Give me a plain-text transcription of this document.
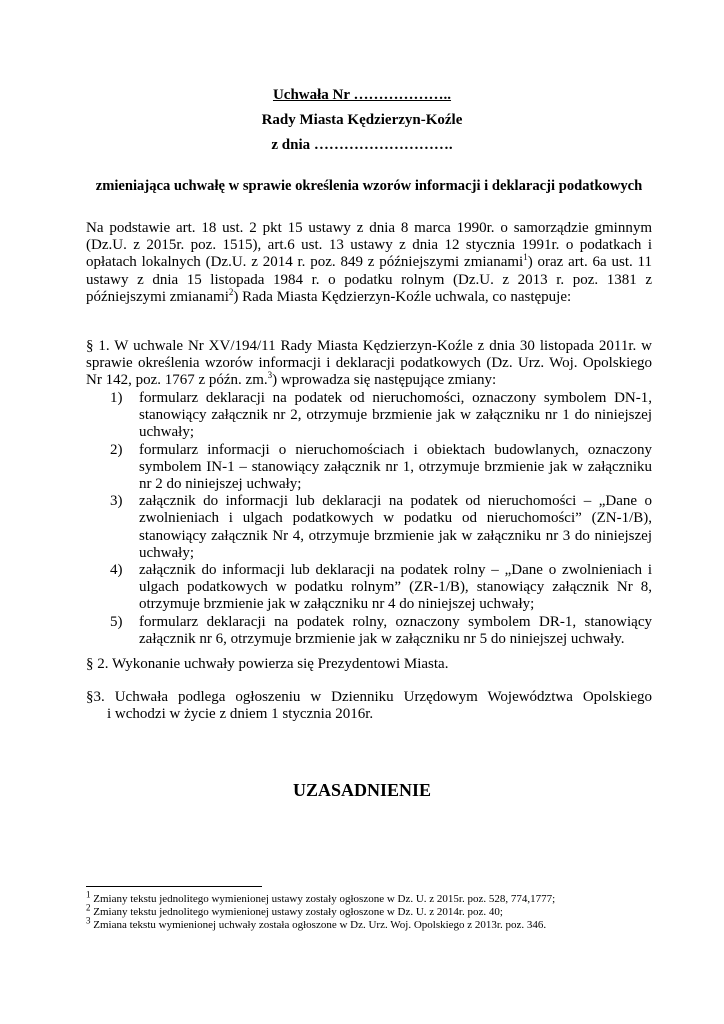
Uchwała Nr ………………..
Rady Miasta Kędzierzyn-Koźle
z dnia ……………………….
zmieniająca uchwałę w sprawie określenia wzorów informacji i deklaracji podatkowych
Na podstawie art. 18 ust. 2 pkt 15 ustawy z dnia 8 marca 1990r. o samorządzie gminnym (Dz.U. z 2015r. poz. 1515), art.6 ust. 13 ustawy z dnia 12 stycznia 1991r. o podatkach i opłatach lokalnych (Dz.U. z 2014 r. poz. 849 z późniejszymi zmianami$^1$) oraz art. 6a ust. 11 ustawy z dnia 15 listopada 1984 r. o podatku rolnym (Dz.U. z 2013 r. poz. 1381 z późniejszymi zmianami$^2$) Rada Miasta Kędzierzyn-Koźle uchwala, co następuje:
§ 1. W uchwale Nr XV/194/11 Rady Miasta Kędzierzyn-Koźle z dnia 30 listopada 2011r. w sprawie określenia wzorów informacji i deklaracji podatkowych (Dz. Urz. Woj. Opolskiego Nr 142, poz. 1767 z późn. zm.$^3$) wprowadza się następujące zmiany:
1)	formularz deklaracji na podatek od nieruchomości, oznaczony symbolem DN-1, stanowiący załącznik nr 2, otrzymuje brzmienie jak w załączniku nr 1 do niniejszej uchwały;
2)	formularz informacji o nieruchomościach i obiektach budowlanych, oznaczony symbolem IN-1 – stanowiący załącznik nr 1, otrzymuje brzmienie jak w załączniku nr 2 do niniejszej uchwały;
3)	załącznik do informacji lub deklaracji na podatek od nieruchomości – „Dane o zwolnieniach i ulgach podatkowych w podatku od nieruchomości” (ZN-1/B), stanowiący załącznik Nr 4, otrzymuje brzmienie jak w załączniku nr 3 do niniejszej uchwały;
4)	załącznik do informacji lub deklaracji na podatek rolny – „Dane o zwolnieniach i ulgach podatkowych w podatku rolnym” (ZR-1/B), stanowiący załącznik Nr 8, otrzymuje brzmienie jak w załączniku nr 4 do niniejszej uchwały;
5)	formularz deklaracji na podatek rolny, oznaczony symbolem DR-1, stanowiący załącznik nr 6, otrzymuje brzmienie jak w załączniku nr 5 do niniejszej uchwały.
§ 2. Wykonanie uchwały powierza się Prezydentowi Miasta.
§3. Uchwała podlega ogłoszeniu w Dzienniku Urzędowym Województwa Opolskiego
i wchodzi w życie z dniem 1 stycznia 2016r.
UZASADNIENIE
$^1$ Zmiany tekstu jednolitego wymienionej ustawy zostały ogłoszone w Dz. U. z 2015r. poz. 528, 774,1777;
$^2$ Zmiany tekstu jednolitego wymienionej ustawy zostały ogłoszone w Dz. U. z 2014r. poz. 40;
$^3$ Zmiana tekstu wymienionej uchwały została ogłoszone w Dz. Urz. Woj. Opolskiego z 2013r. poz. 346.
